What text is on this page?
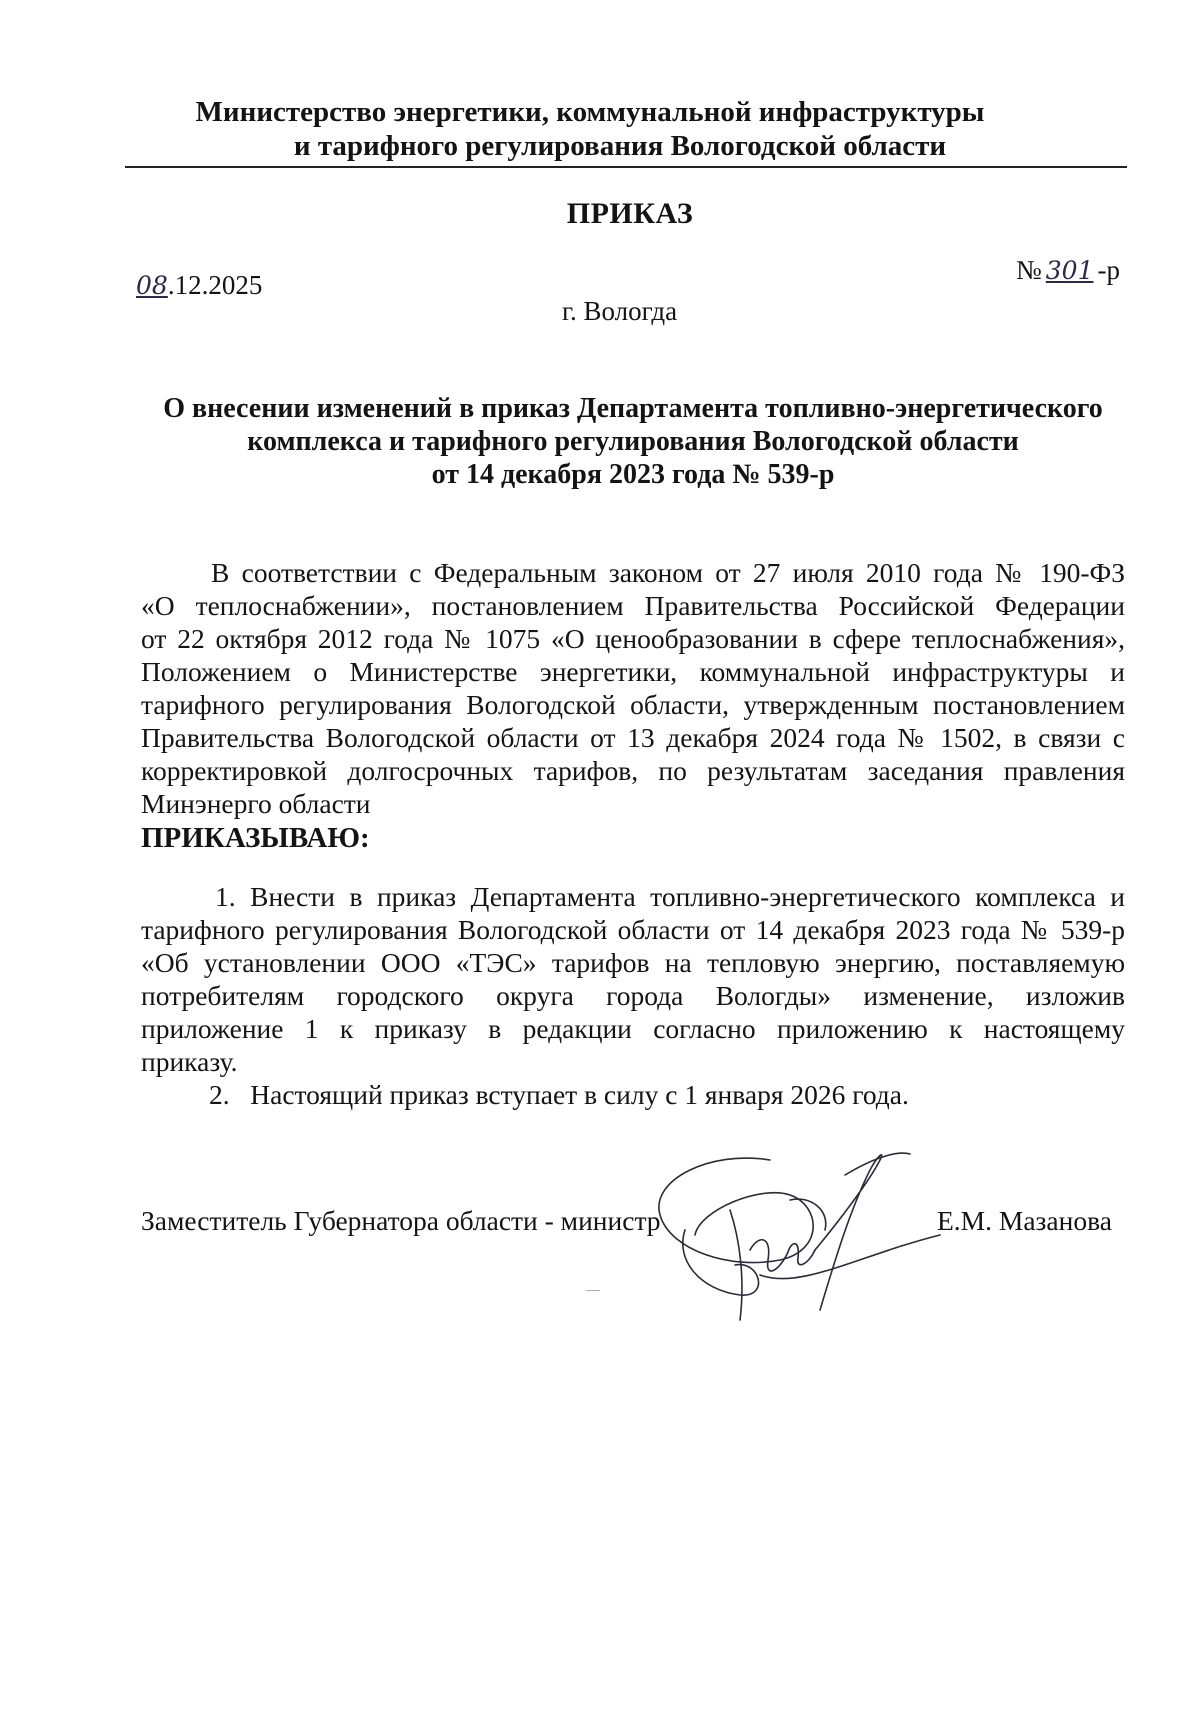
Министерство энергетики, коммунальной инфраструктуры
и тарифного регулирования Вологодской области
ПРИКАЗ
08.12.2025	№ 301 -р
г. Вологда
О внесении изменений в приказ Департамента топливно-энергетического
комплекса и тарифного регулирования Вологодской области
от 14 декабря 2023 года № 539-р
В соответствии с Федеральным законом от 27 июля 2010 года № 190-ФЗ
«О теплоснабжении», постановлением Правительства Российской Федерации
от 22 октября 2012 года № 1075 «О ценообразовании в сфере теплоснабжения»,
Положением о Министерстве энергетики, коммунальной инфраструктуры и
тарифного регулирования Вологодской области, утвержденным постановлением
Правительства Вологодской области от 13 декабря 2024 года № 1502, в связи с
корректировкой долгосрочных тарифов, по результатам заседания правления
Минэнерго области
ПРИКАЗЫВАЮ:
1. Внести в приказ Департамента топливно-энергетического комплекса и
тарифного регулирования Вологодской области от 14 декабря 2023 года № 539-р
«Об установлении ООО «ТЭС» тарифов на тепловую энергию, поставляемую
потребителям городского округа города Вологды» изменение, изложив
приложение 1 к приказу в редакции согласно приложению к настоящему
приказу.
2.   Настоящий приказ вступает в силу с 1 января 2026 года.
Заместитель Губернатора области - министр	Е.М. Мазанова
